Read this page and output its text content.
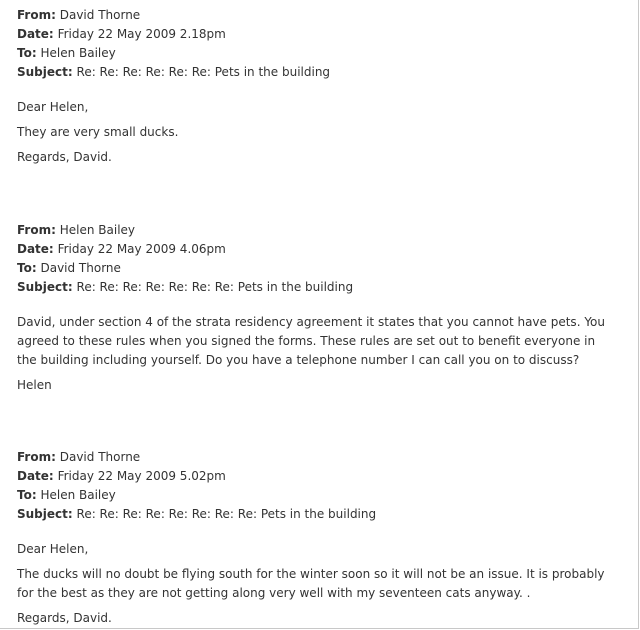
From: David Thorne
Date: Friday 22 May 2009 2.18pm
To: Helen Bailey
Subject: Re: Re: Re: Re: Re: Re: Pets in the building

Dear Helen,

They are very small ducks.

Regards, David.

From: Helen Bailey
Date: Friday 22 May 2009 4.06pm
To: David Thorne
Subject: Re: Re: Re: Re: Re: Re: Re: Pets in the building

David, under section 4 of the strata residency agreement it states that you cannot have pets. You agreed to these rules when you signed the forms. These rules are set out to benefit everyone in the building including yourself. Do you have a telephone number I can call you on to discuss?

Helen

From: David Thorne
Date: Friday 22 May 2009 5.02pm
To: Helen Bailey
Subject: Re: Re: Re: Re: Re: Re: Re: Re: Pets in the building

Dear Helen,

The ducks will no doubt be flying south for the winter soon so it will not be an issue. It is probably for the best as they are not getting along very well with my seventeen cats anyway. .

Regards, David.
